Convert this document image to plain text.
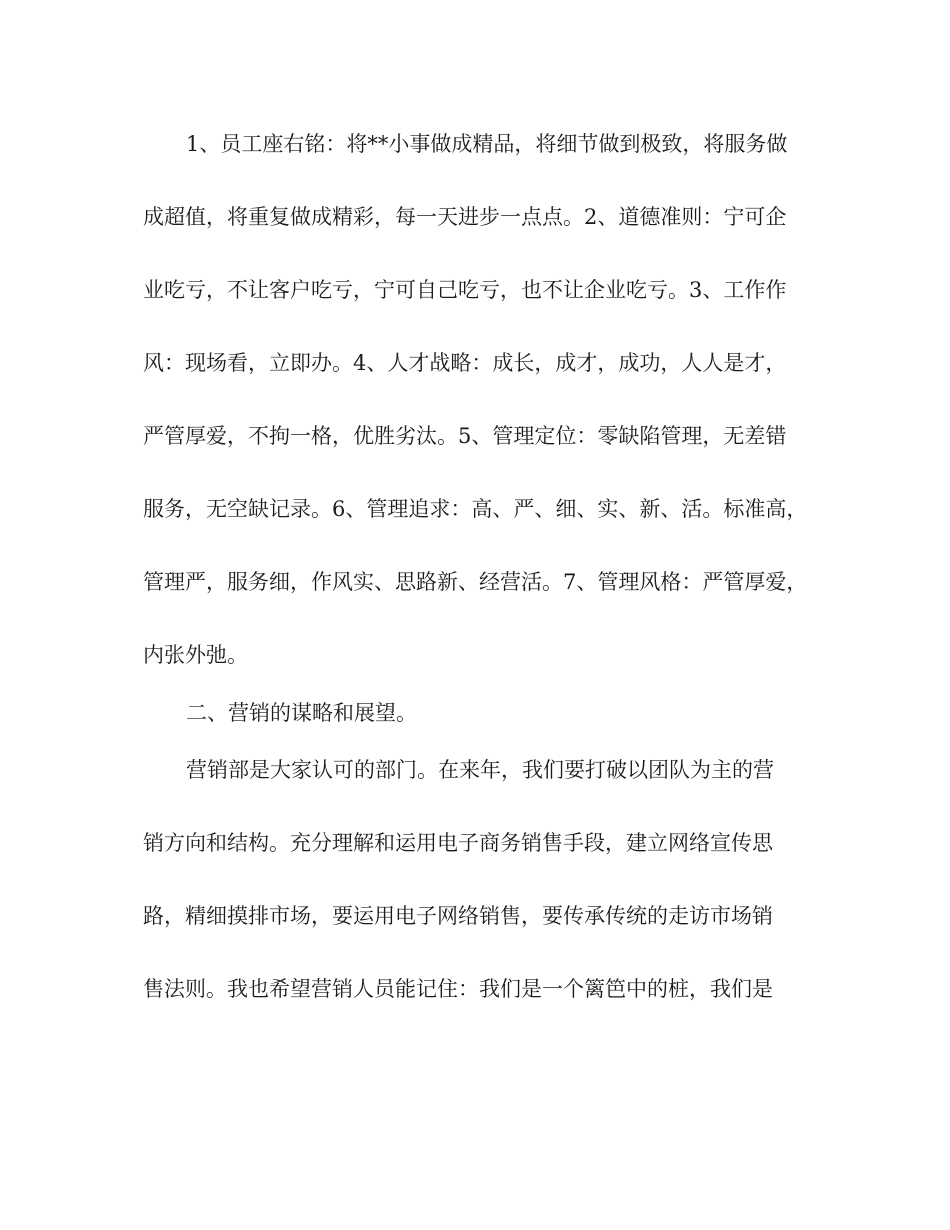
1、员工座右铭：将**小事做成精品，将细节做到极致，将服务做
成超值，将重复做成精彩，每一天进步一点点。2、道德准则：宁可企
业吃亏，不让客户吃亏，宁可自己吃亏，也不让企业吃亏。3、工作作
风：现场看，立即办。4、人才战略：成长，成才，成功，人人是才，
严管厚爱，不拘一格，优胜劣汰。5、管理定位：零缺陷管理，无差错
服务，无空缺记录。6、管理追求：高、严、细、实、新、活。标准高，
管理严，服务细，作风实、思路新、经营活。7、管理风格：严管厚爱，
内张外弛。
二、营销的谋略和展望。
营销部是大家认可的部门。在来年，我们要打破以团队为主的营
销方向和结构。充分理解和运用电子商务销售手段，建立网络宣传思
路，精细摸排市场，要运用电子网络销售，要传承传统的走访市场销
售法则。我也希望营销人员能记住：我们是一个篱笆中的桩，我们是
